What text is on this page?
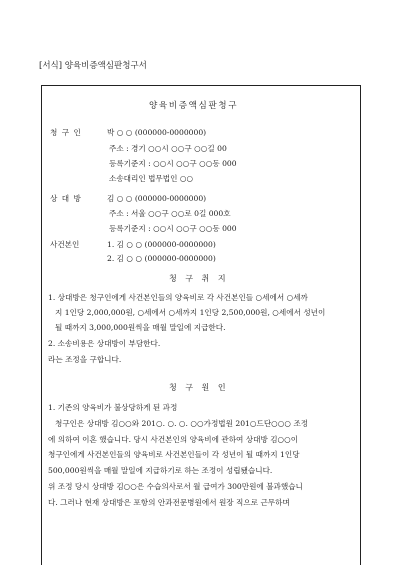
[서식] 양육비증액심판청구서
양육비증액심판청구
청 구 인	박 ○ ○ (000000-0000000)
주소 : 경기 ○○시 ○○구 ○○길 00
등록기준지 : ○○시 ○○구 ○○동 000
소송대리인 법무법인 ○○
상 대 방	김 ○ ○ (000000-0000000)
주소 : 서울 ○○구 ○○로 0길 000호
등록기준지 : ○○시 ○○구 ○○동 000
사건본인	1. 김 ○ ○ (000000-0000000)
2. 김 ○ ○ (000000-0000000)
청 구 취 지
1. 상대방은 청구인에게 사건본인들의 양육비로 각 사건본인들 ○세에서 ○세까
지 1인당 2,000,000원, ○세에서 ○세까지 1인당 2,500,000원, ○세에서 성년이
될 때까지 3,000,000원씩을 매월 말일에 지급한다.
2. 소송비용은 상대방이 부담한다.
라는 조정을 구합니다.
청 구 원 인
1. 기존의 양육비가 불상당하게 된 과정
청구인은 상대방 김○○와 201○. ○. ○. ○○가정법원 201○드단○○○ 조정
에 의하여 이혼 했습니다. 당시 사건본인의 양육비에 관하여 상대방 김○○이
청구인에게 사건본인들의 양육비로 사건본인들이 각 성년이 될 때까지 1인당
500,000원씩을 매월 말일에 지급하기로 하는 조정이 성립됐습니다.
위 조정 당시 상대방 김○○은 수습의사로서 월 급여가 300만원에 불과했습니
다. 그러나 현재 상대방은 포항의 안과전문병원에서 원장 직으로 근무하며
